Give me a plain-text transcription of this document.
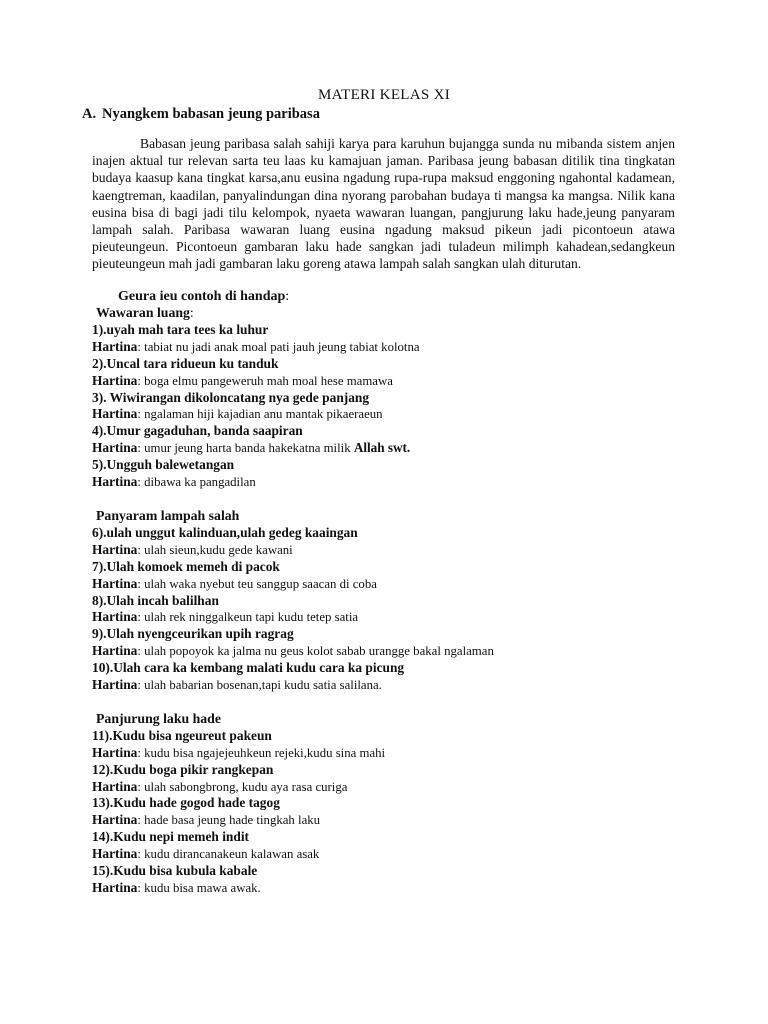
MATERI KELAS XI
A. Nyangkem babasan jeung paribasa
Babasan jeung paribasa salah sahiji karya para karuhun bujangga sunda nu mibanda sistem anjen inajen aktual tur relevan sarta teu laas ku kamajuan jaman. Paribasa jeung babasan ditilik tina tingkatan budaya kaasup kana tingkat karsa,anu eusina ngadung rupa-rupa maksud enggoning ngahontal kadamean, kaengtreman, kaadilan, panyalindungan dina nyorang parobahan budaya ti mangsa ka mangsa. Nilik kana eusina bisa di bagi jadi tilu kelompok, nyaeta wawaran luangan, pangjurung laku hade,jeung panyaram lampah salah. Paribasa wawaran luang eusina ngadung maksud pikeun jadi picontoeun atawa pieuteungeun. Picontoeun gambaran laku hade sangkan jadi tuladeun milimph kahadean,sedangkeun pieuteungeun mah jadi gambaran laku goreng atawa lampah salah sangkan ulah diturutan.
Geura ieu contoh di handap:
Wawaran luang:
1).uyah mah tara tees ka luhur
Hartina: tabiat nu jadi anak moal pati jauh jeung tabiat kolotna
2).Uncal tara ridueun ku tanduk
Hartina: boga elmu pangeweruh mah moal hese mamawa
3). Wiwirangan dikoloncatang nya gede panjang
Hartina: ngalaman hiji kajadian anu mantak pikaeraeun
4).Umur gagaduhan, banda saapiran
Hartina: umur jeung harta banda hakekatna milik Allah swt.
5).Ungguh balewetangan
Hartina: dibawa ka pangadilan
Panyaram lampah salah
6).ulah unggut kalinduan,ulah gedeg kaaingan
Hartina: ulah sieun,kudu gede kawani
7).Ulah komoek memeh di pacok
Hartina: ulah waka nyebut teu sanggup saacan di coba
8).Ulah incah balilhan
Hartina: ulah rek ninggalkeun tapi kudu tetep satia
9).Ulah nyengceurikan upih ragrag
Hartina: ulah popoyok ka jalma nu geus kolot sabab urangge bakal ngalaman
10).Ulah cara ka kembang malati kudu cara ka picung
Hartina: ulah babarian bosenan,tapi kudu satia salilana.
Panjurung laku hade
11).Kudu bisa ngeureut pakeun
Hartina: kudu bisa ngajejeuhkeun rejeki,kudu sina mahi
12).Kudu boga pikir rangkepan
Hartina: ulah sabongbrong, kudu aya rasa curiga
13).Kudu hade gogod hade tagog
Hartina: hade basa jeung hade tingkah laku
14).Kudu nepi memeh indit
Hartina: kudu dirancanakeun kalawan asak
15).Kudu bisa kubula kabale
Hartina: kudu bisa mawa awak.
